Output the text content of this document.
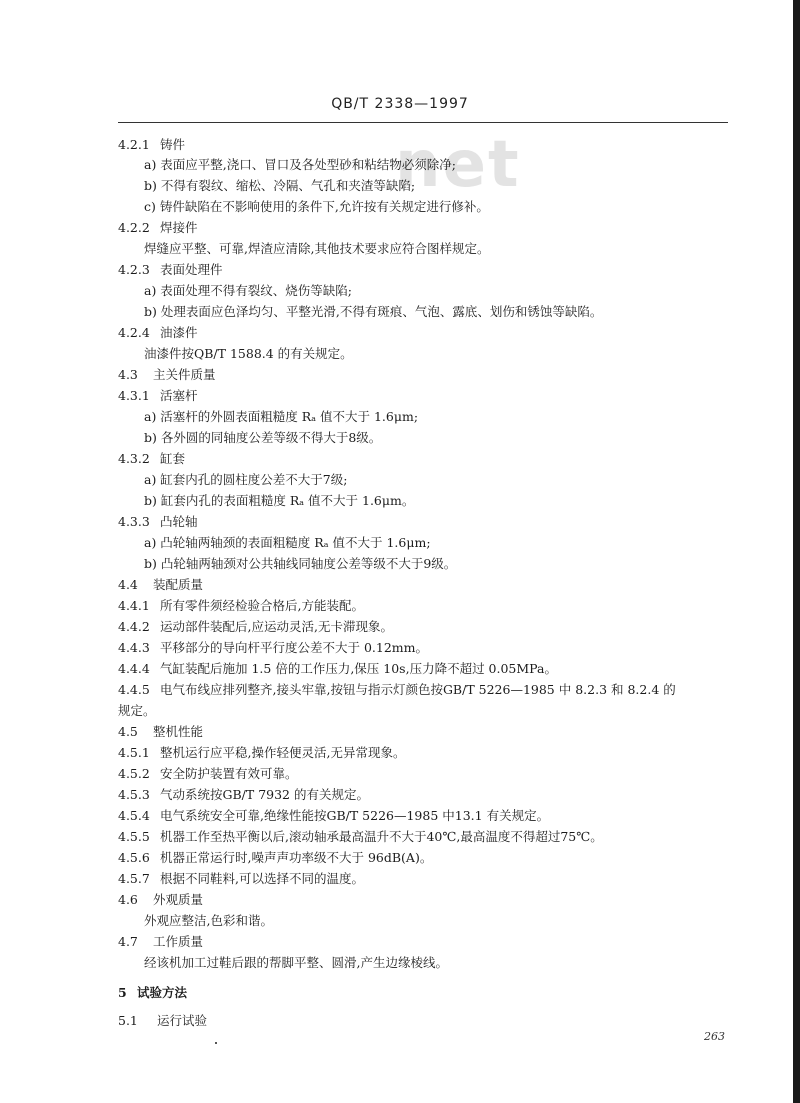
net
QB/T 2338—1997
4.2.1 铸件
a) 表面应平整,浇口、冒口及各处型砂和粘结物必须除净;
b) 不得有裂纹、缩松、冷隔、气孔和夹渣等缺陷;
c) 铸件缺陷在不影响使用的条件下,允许按有关规定进行修补。
4.2.2 焊接件
焊缝应平整、可靠,焊渣应清除,其他技术要求应符合图样规定。
4.2.3 表面处理件
a) 表面处理不得有裂纹、烧伤等缺陷;
b) 处理表面应色泽均匀、平整光滑,不得有斑痕、气泡、露底、划伤和锈蚀等缺陷。
4.2.4 油漆件
油漆件按QB/T 1588.4 的有关规定。
4.3 主关件质量
4.3.1 活塞杆
a) 活塞杆的外圆表面粗糙度 Rₐ 值不大于 1.6μm;
b) 各外圆的同轴度公差等级不得大于8级。
4.3.2 缸套
a) 缸套内孔的圆柱度公差不大于7级;
b) 缸套内孔的表面粗糙度 Rₐ 值不大于 1.6μm。
4.3.3 凸轮轴
a) 凸轮轴两轴颈的表面粗糙度 Rₐ 值不大于 1.6μm;
b) 凸轮轴两轴颈对公共轴线同轴度公差等级不大于9级。
4.4 装配质量
4.4.1 所有零件须经检验合格后,方能装配。
4.4.2 运动部件装配后,应运动灵活,无卡滞现象。
4.4.3 平移部分的导向杆平行度公差不大于 0.12mm。
4.4.4 气缸装配后施加 1.5 倍的工作压力,保压 10s,压力降不超过 0.05MPa。
4.4.5 电气布线应排列整齐,接头牢靠,按钮与指示灯颜色按GB/T 5226—1985 中 8.2.3 和 8.2.4 的
规定。
4.5 整机性能
4.5.1 整机运行应平稳,操作轻便灵活,无异常现象。
4.5.2 安全防护装置有效可靠。
4.5.3 气动系统按GB/T 7932 的有关规定。
4.5.4 电气系统安全可靠,绝缘性能按GB/T 5226—1985 中13.1 有关规定。
4.5.5 机器工作至热平衡以后,滚动轴承最高温升不大于40℃,最高温度不得超过75℃。
4.5.6 机器正常运行时,噪声声功率级不大于 96dB(A)。
4.5.7 根据不同鞋料,可以选择不同的温度。
4.6 外观质量
外观应整洁,色彩和谐。
4.7 工作质量
经该机加工过鞋后跟的帮脚平整、圆滑,产生边缘棱线。
5 试验方法
5.1 运行试验
263
